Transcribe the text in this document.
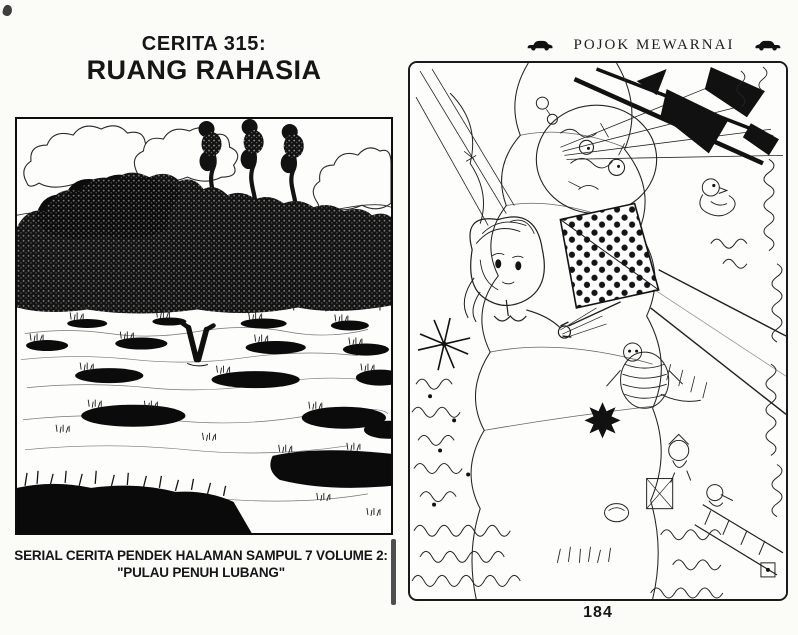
CERITA 315:
RUANG RAHASIA
SERIAL CERITA PENDEK HALAMAN SAMPUL 7 VOLUME 2:
"PULAU PENUH LUBANG"
POJOK MEWARNAI
184
